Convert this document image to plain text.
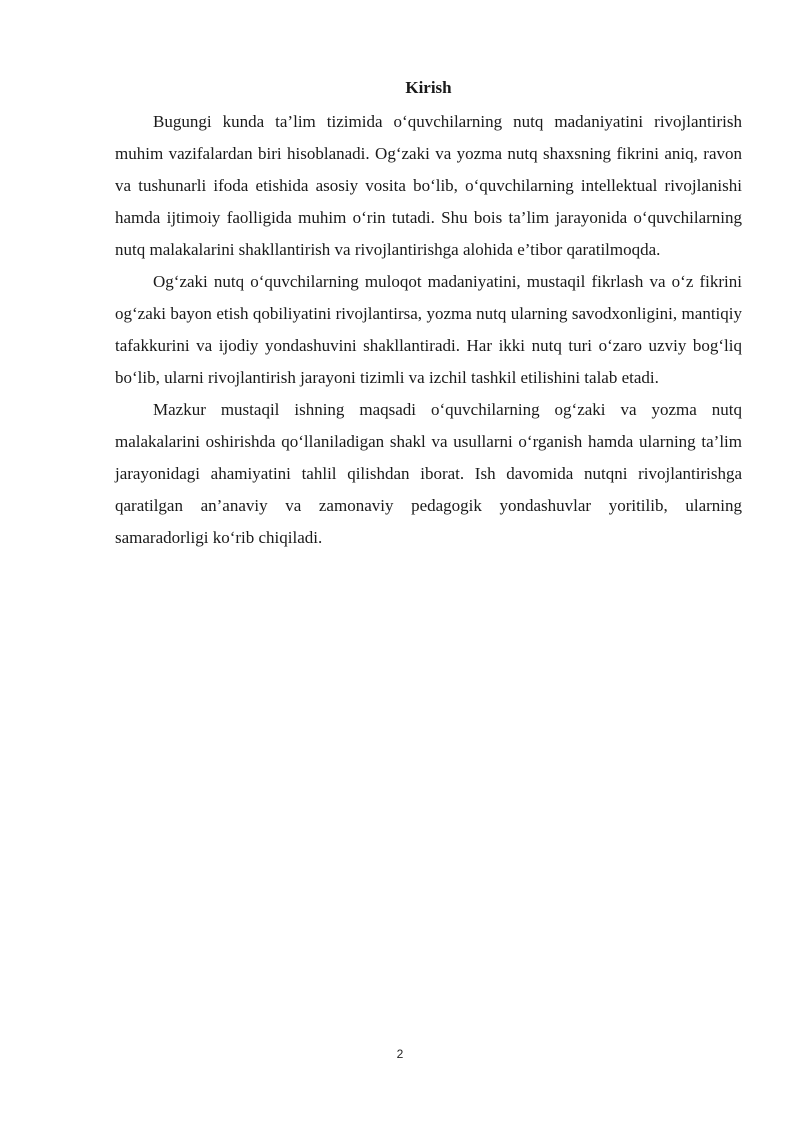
Kirish

Bugungi kunda ta’lim tizimida o‘quvchilarning nutq madaniyatini rivojlantirish muhim vazifalardan biri hisoblanadi. Og‘zaki va yozma nutq shaxsning fikrini aniq, ravon va tushunarli ifoda etishida asosiy vosita bo‘lib, o‘quvchilarning intellektual rivojlanishi hamda ijtimoiy faolligida muhim o‘rin tutadi. Shu bois ta’lim jarayonida o‘quvchilarning nutq malakalarini shakllantirish va rivojlantirishga alohida e’tibor qaratilmoqda.

Og‘zaki nutq o‘quvchilarning muloqot madaniyatini, mustaqil fikrlash va o‘z fikrini og‘zaki bayon etish qobiliyatini rivojlantirsa, yozma nutq ularning savodxonligini, mantiqiy tafakkurini va ijodiy yondashuvini shakllantiradi. Har ikki nutq turi o‘zaro uzviy bog‘liq bo‘lib, ularni rivojlantirish jarayoni tizimli va izchil tashkil etilishini talab etadi.

Mazkur mustaqil ishning maqsadi o‘quvchilarning og‘zaki va yozma nutq malakalarini oshirishda qo‘llaniladigan shakl va usullarni o‘rganish hamda ularning ta’lim jarayonidagi ahamiyatini tahlil qilishdan iborat. Ish davomida nutqni rivojlantirishga qaratilgan an’anaviy va zamonaviy pedagogik yondashuvlar yoritilib, ularning samaradorligi ko‘rib chiqiladi.

2
